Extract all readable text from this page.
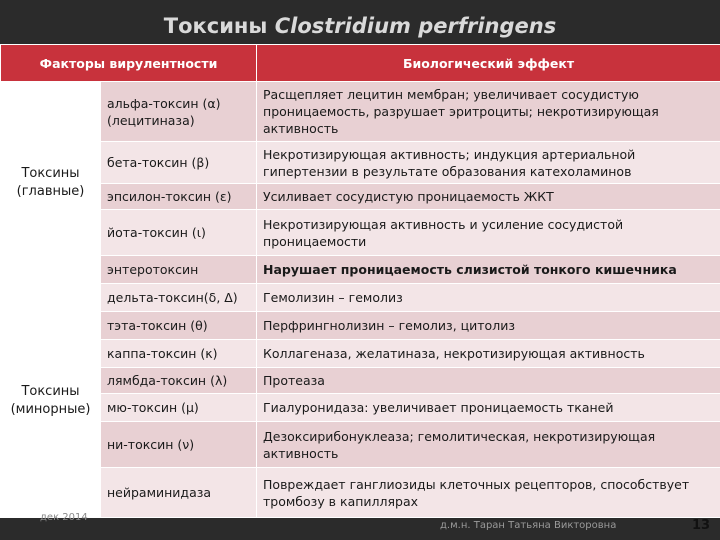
Токсины Clostridium perfringens
Факторы вирулентности		Биологический эффект
Токсины (главные)	альфа-токсин (α) (лецитиназа)	Расщепляет лецитин мембран; увеличивает сосудистую проницаемость, разрушает эритроциты; некротизирующая активность
	бета-токсин (β)	Некротизирующая активность; индукция артериальной гипертензии в результате образования катехоламинов
	эпсилон-токсин (ε)	Усиливает сосудистую проницаемость ЖКТ
	йота-токсин (ι)	Некротизирующая активность и усиление сосудистой проницаемости
	энтеротоксин	Нарушает проницаемость слизистой тонкого кишечника
Токсины (минорные)	дельта-токсин(δ, Δ)	Гемолизин – гемолиз
	тэта-токсин (θ)	Перфрингнолизин – гемолиз, цитолиз
	каппа-токсин (κ)	Коллагеназа, желатиназа, некротизирующая активность
	лямбда-токсин (λ)	Протеаза
	мю-токсин (μ)	Гиалуронидаза: увеличивает проницаемость тканей
	ни-токсин (ν)	Дезоксирибонуклеаза; гемолитическая, некротизирующая активность
	нейраминидаза	Повреждает ганглиозиды клеточных рецепторов, способствует тромбозу в капиллярах
дек 2014
д.м.н. Таран Татьяна Викторовна	13
